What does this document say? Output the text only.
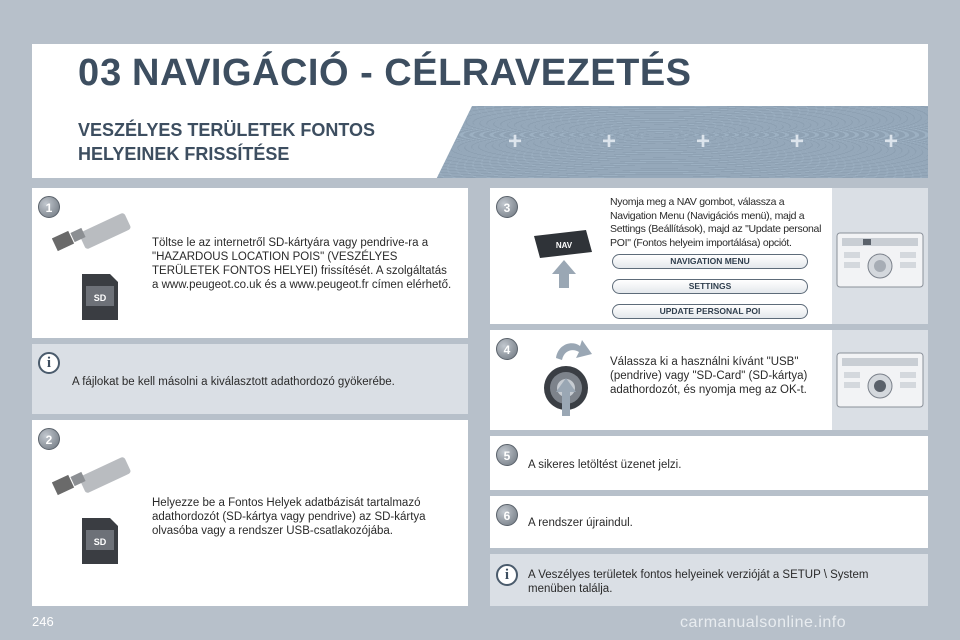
03 NAVIGÁCIÓ - CÉLRAVEZETÉS
VESZÉLYES TERÜLETEK FONTOS
HELYEINEK FRISSÍTÉSE	+	+	+	+	+
1
SD
Töltse le az internetről SD-kártyára vagy pendrive-ra a "HAZARDOUS LOCATION POIS" (VESZÉLYES TERÜLETEK FONTOS HELYEI) frissítését. A szolgáltatás a www.peugeot.co.uk és a www.peugeot.fr címen elérhető.
i
A fájlokat be kell másolni a kiválasztott adathordozó gyökerébe.
2
SD
Helyezze be a Fontos Helyek adatbázisát tartalmazó adathordozót (SD-kártya vagy pendrive) az SD-kártya olvasóba vagy a rendszer USB-csatlakozójába.
3
NAV
Nyomja meg a NAV gombot, válassza a Navigation Menu (Navigációs menü), majd a Settings (Beállítások), majd az "Update personal POI" (Fontos helyeim importálása) opciót.
NAVIGATION MENU
SETTINGS
UPDATE PERSONAL POI
4
Válassza ki a használni kívánt "USB" (pendrive) vagy "SD-Card" (SD-kártya) adathordozót, és nyomja meg az OK-t.
5
A sikeres letöltést üzenet jelzi.
6	A rendszer újraindul.
i	A Veszélyes területek fontos helyeinek verzióját a SETUP \ System menüben találja.
246	carmanualsonline.info
